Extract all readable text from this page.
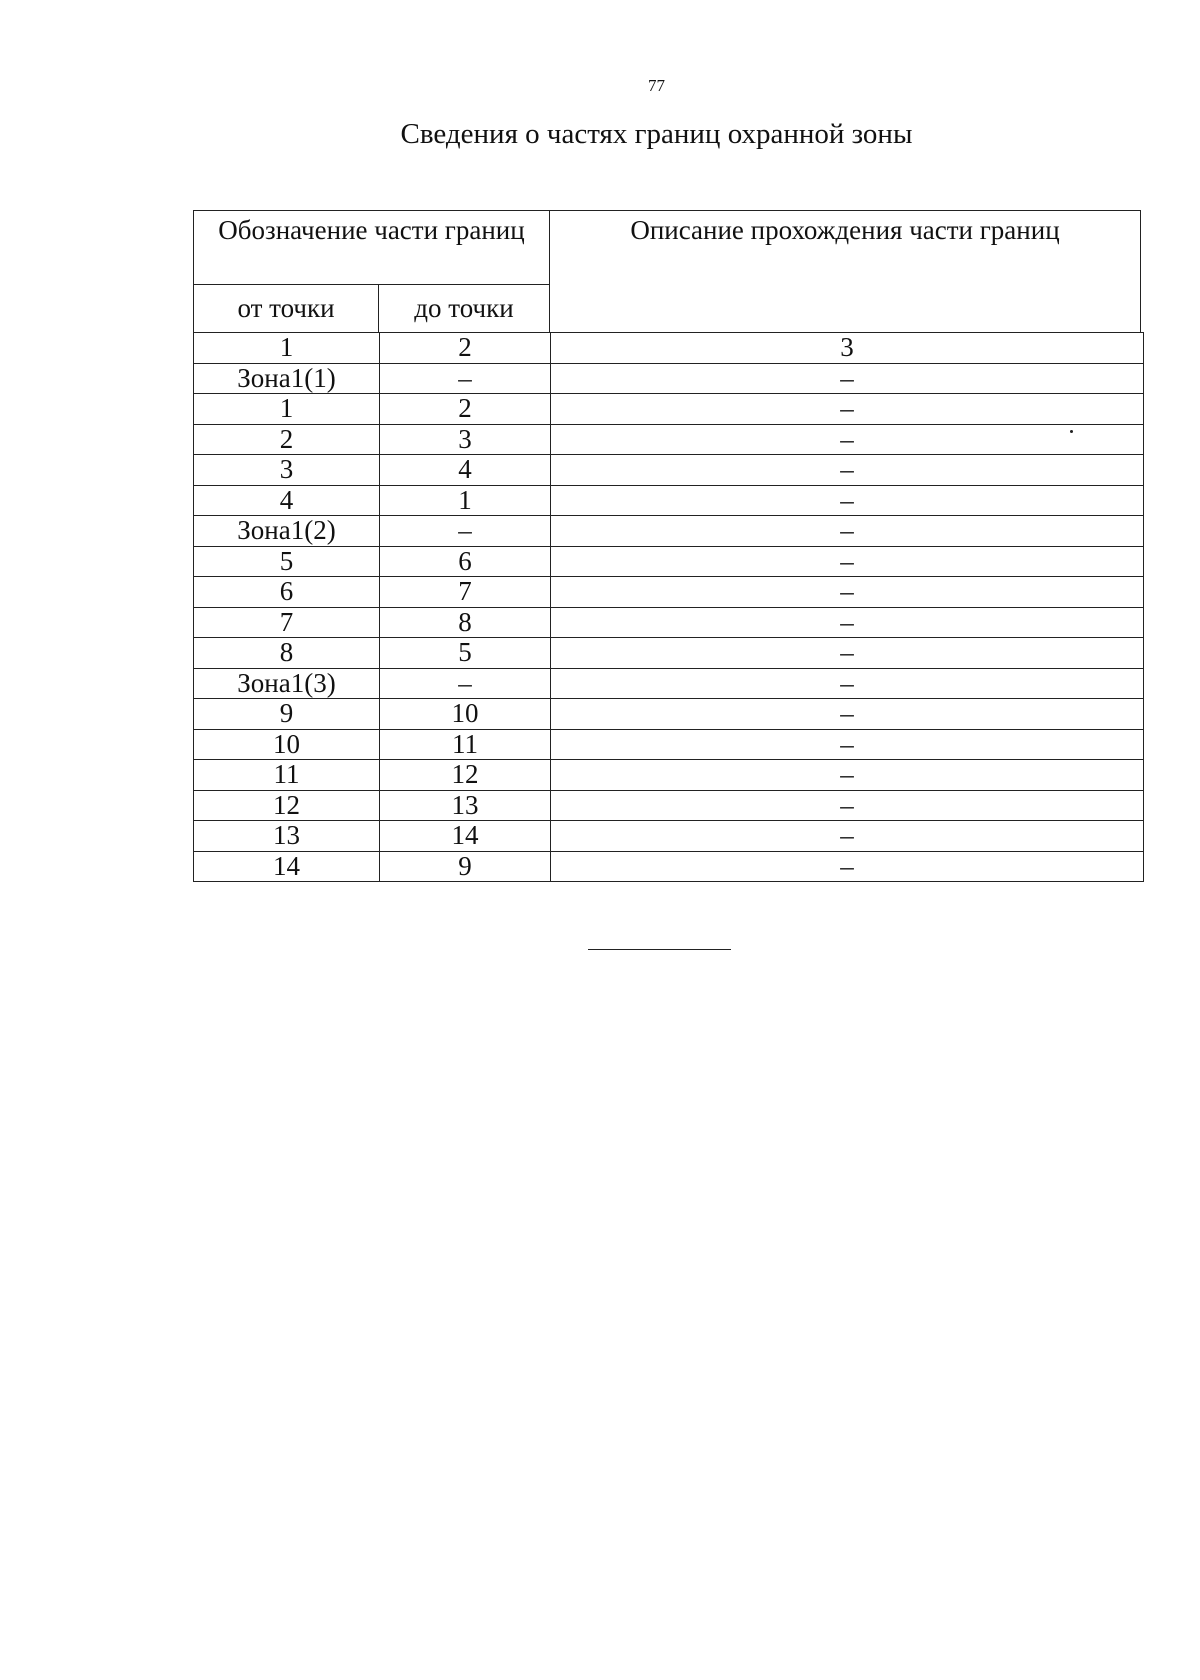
77
Сведения о частях границ охранной зоны
Обозначение части границ		Описание прохождения части границ
от точки	до точки	
1	2	3
Зона1(1)	–	–
1	2	–
2	3	–
3	4	–
4	1	–
Зона1(2)	–	–
5	6	–
6	7	–
7	8	–
8	5	–
Зона1(3)	–	–
9	10	–
10	11	–
11	12	–
12	13	–
13	14	–
14	9	–
